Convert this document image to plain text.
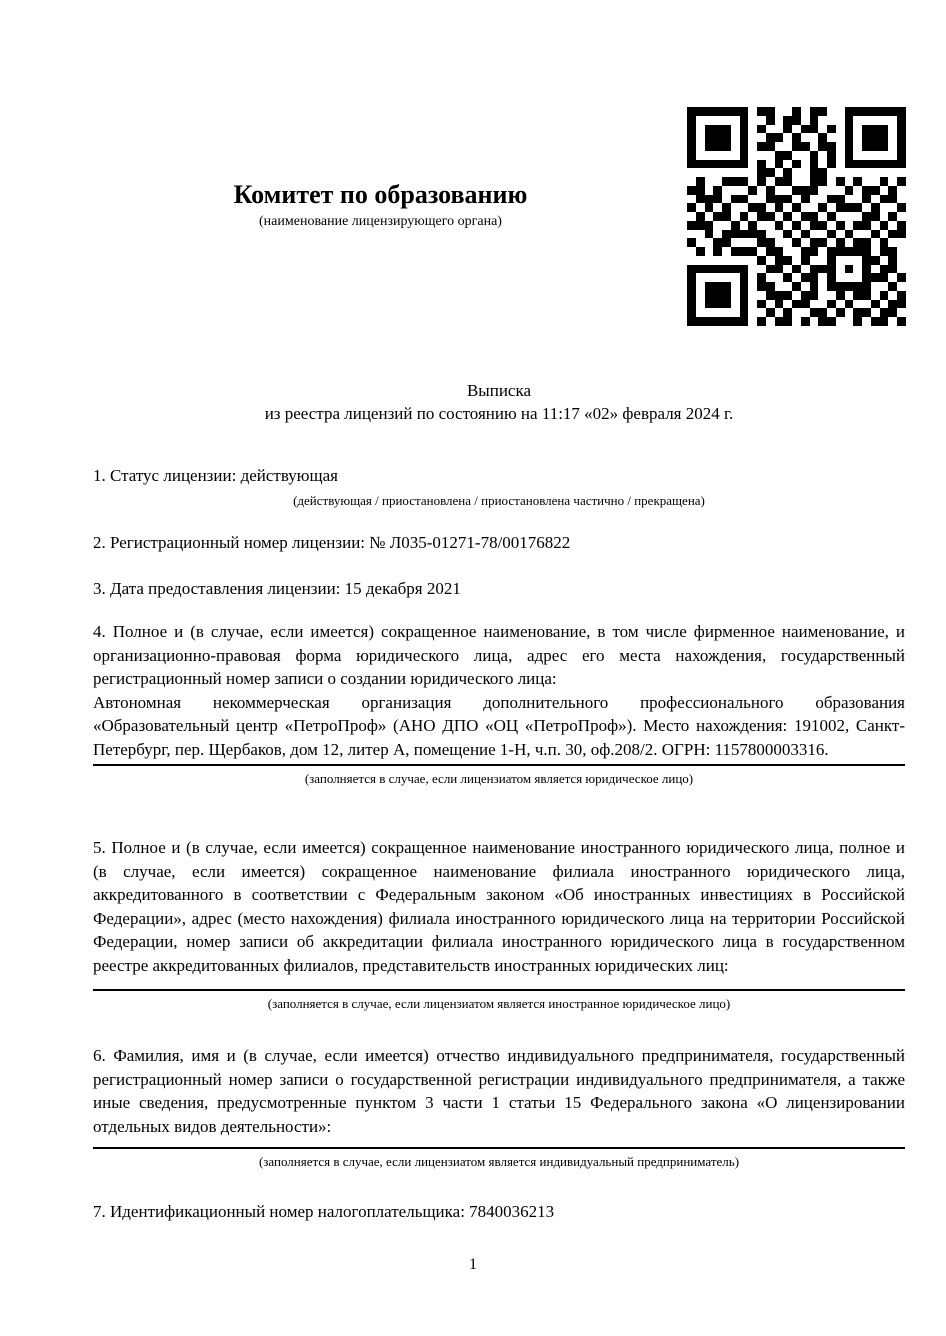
Комитет по образованию
(наименование лицензирующего органа)
Выписка
из реестра лицензий по состоянию на 11:17 «02» февраля 2024 г.
1. Статус лицензии: действующая
(действующая / приостановлена / приостановлена частично / прекращена)
2. Регистрационный номер лицензии: № Л035-01271-78/00176822
3. Дата предоставления лицензии: 15 декабря 2021

4. Полное и (в случае, если имеется) сокращенное наименование, в том числе фирменное наименование, и организационно-правовая форма юридического лица, адрес его места нахождения, государственный регистрационный номер записи о создании юридического лица:

Автономная некоммерческая организация дополнительного профессионального образования «Образовательный центр «ПетроПроф» (АНО ДПО «ОЦ «ПетроПроф»). Место нахождения: 191002, Санкт-Петербург, пер. Щербаков, дом 12, литер А, помещение 1-Н, ч.п. 30, оф.208/2. ОГРН: 1157800003316.

(заполняется в случае, если лицензиатом является юридическое лицо)

5. Полное и (в случае, если имеется) сокращенное наименование иностранного юридического лица, полное и (в случае, если имеется) сокращенное наименование филиала иностранного юридического лица, аккредитованного в соответствии с Федеральным законом «Об иностранных инвестициях в Российской Федерации», адрес (место нахождения) филиала иностранного юридического лица на территории Российской Федерации, номер записи об аккредитации филиала иностранного юридического лица в государственном реестре аккредитованных филиалов, представительств иностранных юридических лиц:

(заполняется в случае, если лицензиатом является иностранное юридическое лицо)

6. Фамилия, имя и (в случае, если имеется) отчество индивидуального предпринимателя, государственный регистрационный номер записи о государственной регистрации индивидуального предпринимателя, а также иные сведения, предусмотренные пунктом 3 части 1 статьи 15 Федерального закона «О лицензировании отдельных видов деятельности»:

(заполняется в случае, если лицензиатом является индивидуальный предприниматель)
7. Идентификационный номер налогоплательщика: 7840036213
1
